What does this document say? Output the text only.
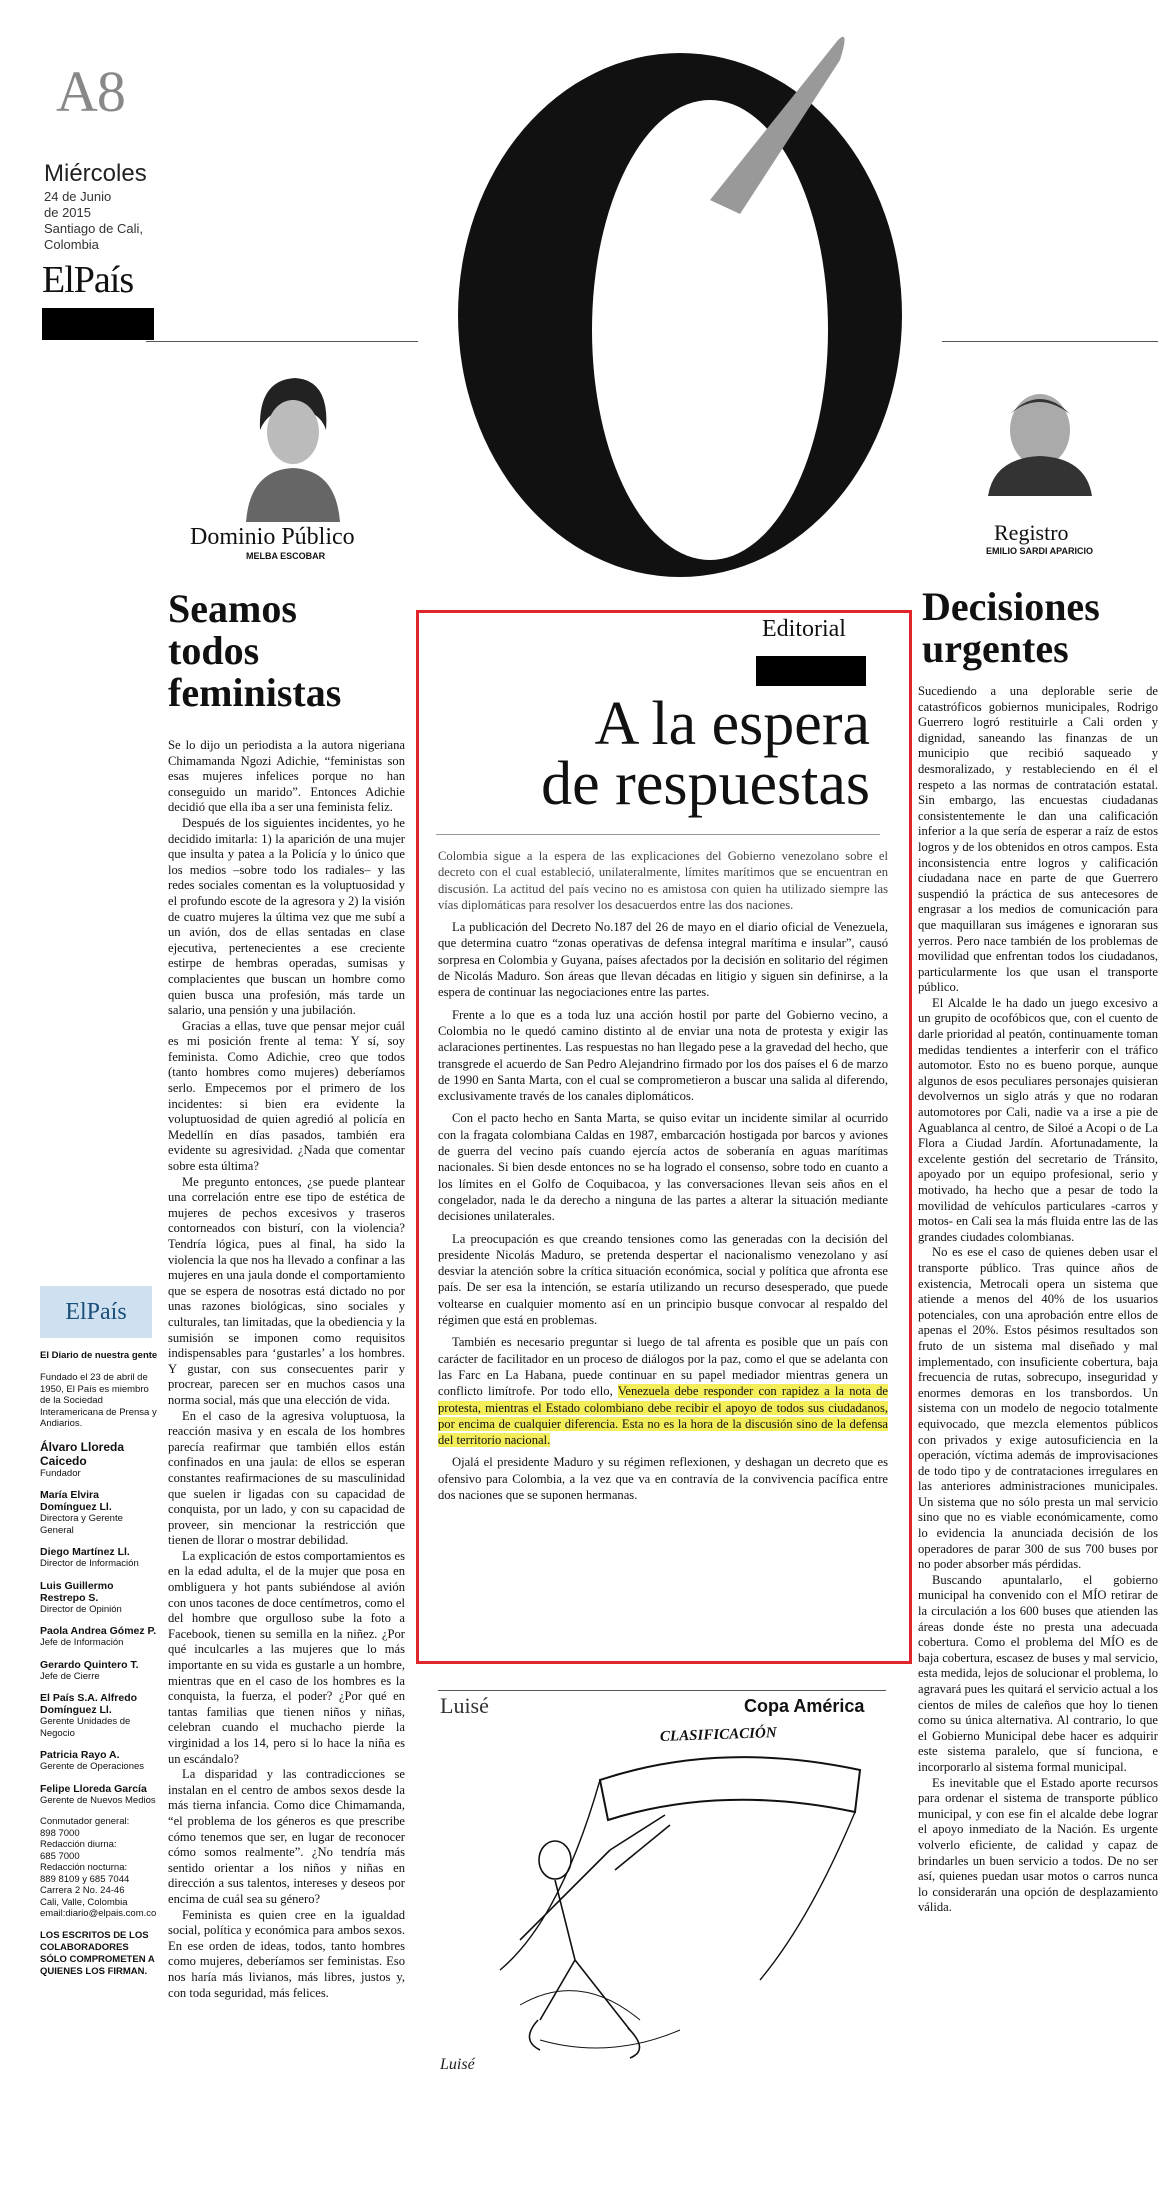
A8
Miércoles
24 de Junio
de 2015
Santiago de Cali,
Colombia
ElPaís
Dominio Público
MELBA ESCOBAR
Seamos
todos
feministas

Se lo dijo un periodista a la autora nigeriana Chimamanda Ngozi Adichie, “feministas son esas mujeres infelices porque no han conseguido un marido”. Entonces Adichie decidió que ella iba a ser una feminista feliz.

Después de los siguientes incidentes, yo he decidido imitarla: 1) la aparición de una mujer que insulta y patea a la Policía y lo único que los medios –sobre todo los radiales– y las redes sociales comentan es la voluptuosidad y el profundo escote de la agresora y 2) la visión de cuatro mujeres la última vez que me subí a un avión, dos de ellas sentadas en clase ejecutiva, pertenecientes a ese creciente estirpe de hembras operadas, sumisas y complacientes que buscan un hombre como quien busca una profesión, más tarde un salario, una pensión y una jubilación.

Gracias a ellas, tuve que pensar mejor cuál es mi posición frente al tema: Y sí, soy feminista. Como Adichie, creo que todos (tanto hombres como mujeres) deberíamos serlo. Empecemos por el primero de los incidentes: si bien era evidente la voluptuosidad de quien agredió al policía en Medellín en días pasados, también era evidente su agresividad. ¿Nada que comentar sobre esta última?

Me pregunto entonces, ¿se puede plantear una correlación entre ese tipo de estética de mujeres de pechos excesivos y traseros contorneados con bisturí, con la violencia? Tendría lógica, pues al final, ha sido la violencia la que nos ha llevado a confinar a las mujeres en una jaula donde el comportamiento que se espera de nosotras está dictado no por unas razones biológicas, sino sociales y culturales, tan limitadas, que la obediencia y la sumisión se imponen como requisitos indispensables para ‘gustarles’ a los hombres. Y gustar, con sus consecuentes parir y procrear, parecen ser en muchos casos una norma social, más que una elección de vida.

En el caso de la agresiva voluptuosa, la reacción masiva y en escala de los hombres parecía reafirmar que también ellos están confinados en una jaula: de ellos se esperan constantes reafirmaciones de su masculinidad que suelen ir ligadas con su capacidad de conquista, por un lado, y con su capacidad de proveer, sin mencionar la restricción que tienen de llorar o mostrar debilidad.

La explicación de estos comportamientos es en la edad adulta, el de la mujer que posa en ombliguera y hot pants subiéndose al avión con unos tacones de doce centímetros, como el del hombre que orgulloso sube la foto a Facebook, tienen su semilla en la niñez. ¿Por qué inculcarles a las mujeres que lo más importante en su vida es gustarle a un hombre, mientras que en el caso de los hombres es la conquista, la fuerza, el poder? ¿Por qué en tantas familias que tienen niños y niñas, celebran cuando el muchacho pierde la virginidad a los 14, pero si lo hace la niña es un escándalo?

La disparidad y las contradicciones se instalan en el centro de ambos sexos desde la más tierna infancia. Como dice Chimamanda, “el problema de los géneros es que prescribe cómo tenemos que ser, en lugar de reconocer cómo somos realmente”. ¿No tendría más sentido orientar a los niños y niñas en dirección a sus talentos, intereses y deseos por encima de cuál sea su género?

Feminista es quien cree en la igualdad social, política y económica para ambos sexos. En ese orden de ideas, todos, tanto hombres como mujeres, deberíamos ser feministas. Eso nos haría más livianos, más libres, justos y, con toda seguridad, más felices.

ElPaís
El Diario de nuestra gente
Fundado el 23 de abril de 1950, El País es miembro de la Sociedad Interamericana de Prensa y Andiarios.
Álvaro Lloreda Caicedo
Fundador
María Elvira Domínguez Ll.
Directora y Gerente General
Diego Martínez Ll.
Director de Información
Luis Guillermo Restrepo S.
Director de Opinión
Paola Andrea Gómez P.
Jefe de Información
Gerardo Quintero T.
Jefe de Cierre
El País S.A. Alfredo Domínguez Ll.
Gerente Unidades de Negocio
Patricia Rayo A.
Gerente de Operaciones
Felipe Lloreda García
Gerente de Nuevos Medios
Conmutador general:
898 7000
Redacción diurna:
685 7000
Redacción nocturna:
889 8109 y 685 7044
Carrera 2 No. 24-46
Cali, Valle, Colombia
email:diario@elpais.com.co
LOS ESCRITOS DE LOS COLABORADORES SÓLO COMPROMETEN A QUIENES LOS FIRMAN.
Editorial
A la espera
de respuestas

Colombia sigue a la espera de las explicaciones del Gobierno venezolano sobre el decreto con el cual estableció, unilateralmente, límites marítimos que se encuentran en discusión. La actitud del país vecino no es amistosa con quien ha utilizado siempre las vías diplomáticas para resolver los desacuerdos entre las dos naciones.

La publicación del Decreto No.187 del 26 de mayo en el diario oficial de Venezuela, que determina cuatro “zonas operativas de defensa integral marítima e insular”, causó sorpresa en Colombia y Guyana, países afectados por la decisión en solitario del régimen de Nicolás Maduro. Son áreas que llevan décadas en litigio y siguen sin definirse, a la espera de continuar las negociaciones entre las partes.

Frente a lo que es a toda luz una acción hostil por parte del Gobierno vecino, a Colombia no le quedó camino distinto al de enviar una nota de protesta y exigir las aclaraciones pertinentes. Las respuestas no han llegado pese a la gravedad del hecho, que transgrede el acuerdo de San Pedro Alejandrino firmado por los dos países el 6 de marzo de 1990 en Santa Marta, con el cual se comprometieron a buscar una salida al diferendo, exclusivamente través de los canales diplomáticos.

Con el pacto hecho en Santa Marta, se quiso evitar un incidente similar al ocurrido con la fragata colombiana Caldas en 1987, embarcación hostigada por barcos y aviones de guerra del vecino país cuando ejercía actos de soberanía en aguas marítimas nacionales. Si bien desde entonces no se ha logrado el consenso, sobre todo en cuanto a los límites en el Golfo de Coquibacoa, y las conversaciones llevan seis años en el congelador, nada le da derecho a ninguna de las partes a alterar la situación mediante decisiones unilaterales.

La preocupación es que creando tensiones como las generadas con la decisión del presidente Nicolás Maduro, se pretenda despertar el nacionalismo venezolano y así desviar la atención sobre la crítica situación económica, social y política que afronta ese país. De ser esa la intención, se estaría utilizando un recurso desesperado, que puede voltearse en cualquier momento así en un principio busque convocar al respaldo del régimen que está en problemas.

También es necesario preguntar si luego de tal afrenta es posible que un país con carácter de facilitador en un proceso de diálogos por la paz, como el que se adelanta con las Farc en La Habana, puede continuar en su papel mediador mientras genera un conflicto limítrofe. Por todo ello, Venezuela debe responder con rapidez a la nota de protesta, mientras el Estado colombiano debe recibir el apoyo de todos sus ciudadanos, por encima de cualquier diferencia. Esta no es la hora de la discusión sino de la defensa del territorio nacional.

Ojalá el presidente Maduro y su régimen reflexionen, y deshagan un decreto que es ofensivo para Colombia, a la vez que va en contravía de la convivencia pacífica entre dos naciones que se suponen hermanas.

Luisé	Copa América
CLASIFICACIÓN
Luisé
Registro
EMILIO SARDI APARICIO
Decisiones
urgentes

Sucediendo a una deplorable serie de catastróficos gobiernos municipales, Rodrigo Guerrero logró restituirle a Cali orden y dignidad, saneando las finanzas de un municipio que recibió saqueado y desmoralizado, y restableciendo en él el respeto a las normas de contratación estatal. Sin embargo, las encuestas ciudadanas consistentemente le dan una calificación inferior a la que sería de esperar a raíz de estos logros y de los obtenidos en otros campos. Esta inconsistencia entre logros y calificación ciudadana nace en parte de que Guerrero suspendió la práctica de sus antecesores de engrasar a los medios de comunicación para que maquillaran sus imágenes e ignoraran sus yerros. Pero nace también de los problemas de movilidad que enfrentan todos los ciudadanos, particularmente los que usan el transporte público.

El Alcalde le ha dado un juego excesivo a un grupito de ocofóbicos que, con el cuento de darle prioridad al peatón, continuamente toman medidas tendientes a interferir con el tráfico automotor. Esto no es bueno porque, aunque algunos de esos peculiares personajes quisieran devolvernos un siglo atrás y que no rodaran automotores por Cali, nadie va a irse a pie de Aguablanca al centro, de Siloé a Acopi o de La Flora a Ciudad Jardín. Afortunadamente, la excelente gestión del secretario de Tránsito, apoyado por un equipo profesional, serio y motivado, ha hecho que a pesar de todo la movilidad de vehículos particulares -carros y motos- en Cali sea la más fluida entre las de las grandes ciudades colombianas.

No es ese el caso de quienes deben usar el transporte público. Tras quince años de existencia, Metrocali opera un sistema que atiende a menos del 40% de los usuarios potenciales, con una aprobación entre ellos de apenas el 20%. Estos pésimos resultados son fruto de un sistema mal diseñado y mal implementado, con insuficiente cobertura, baja frecuencia de rutas, sobrecupo, inseguridad y enormes demoras en los transbordos. Un sistema con un modelo de negocio totalmente equivocado, que mezcla elementos públicos con privados y exige autosuficiencia en la operación, víctima además de improvisaciones de todo tipo y de contrataciones irregulares en las anteriores administraciones municipales. Un sistema que no sólo presta un mal servicio sino que no es viable económicamente, como lo evidencia la anunciada decisión de los operadores de parar 300 de sus 700 buses por no poder absorber más pérdidas.

Buscando apuntalarlo, el gobierno municipal ha convenido con el MÍO retirar de la circulación a los 600 buses que atienden las áreas donde éste no presta una adecuada cobertura. Como el problema del MÍO es de baja cobertura, escasez de buses y mal servicio, esta medida, lejos de solucionar el problema, lo agravará pues les quitará el servicio actual a los cientos de miles de caleños que hoy lo tienen como su única alternativa. Al contrario, lo que el Gobierno Municipal debe hacer es adquirir este sistema paralelo, que sí funciona, e incorporarlo al sistema formal municipal.

Es inevitable que el Estado aporte recursos para ordenar el sistema de transporte público municipal, y con ese fin el alcalde debe lograr el apoyo inmediato de la Nación. Es urgente volverlo eficiente, de calidad y capaz de brindarles un buen servicio a todos. De no ser así, quienes puedan usar motos o carros nunca lo considerarán una opción de desplazamiento válida.
